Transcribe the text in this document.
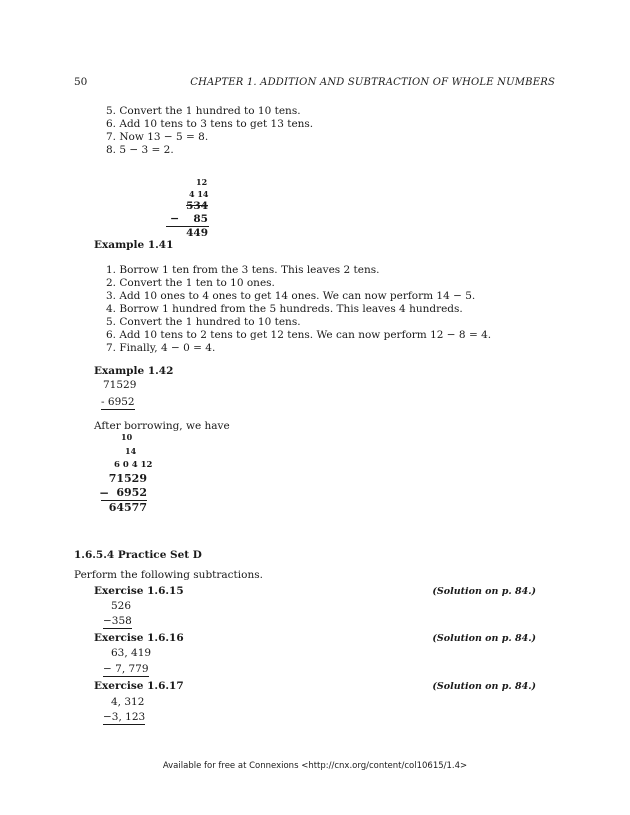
50	CHAPTER 1. ADDITION AND SUBTRACTION OF WHOLE NUMBERS
5. Convert the 1 hundred to 10 tens.
6. Add 10 tens to 3 tens to get 13 tens.
7. Now 13 − 5 = 8.
8. 5 − 3 = 2.
12
4 14
534
−	85
449
Example 1.41
1. Borrow 1 ten from the 3 tens. This leaves 2 tens.
2. Convert the 1 ten to 10 ones.
3. Add 10 ones to 4 ones to get 14 ones. We can now perform 14 − 5.
4. Borrow 1 hundred from the 5 hundreds. This leaves 4 hundreds.
5. Convert the 1 hundred to 10 tens.
6. Add 10 tens to 2 tens to get 12 tens. We can now perform 12 − 8 = 4.
7. Finally, 4 − 0 = 4.
Example 1.42
71529
- 6952
After borrowing, we have
10
14
6 0 4 12
71529
− 6952
64577
1.6.5.4 Practice Set D
Perform the following subtractions.
Exercise 1.6.15	(Solution on p. 84.)
526
−358
Exercise 1.6.16	(Solution on p. 84.)
63, 419
− 7, 779
Exercise 1.6.17	(Solution on p. 84.)
4, 312
−3, 123
Available for free at Connexions <http://cnx.org/content/col10615/1.4>
